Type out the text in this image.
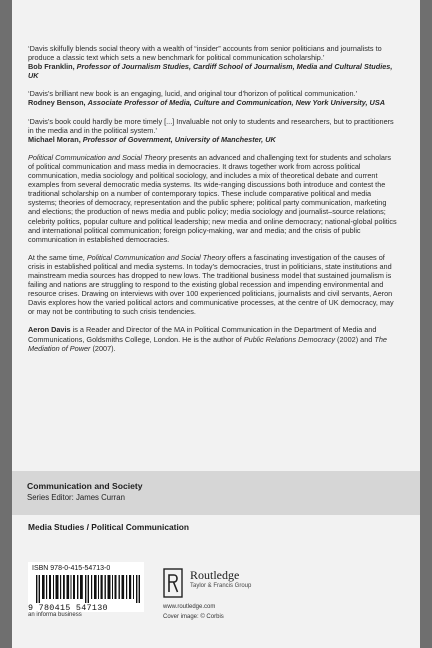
‘Davis skilfully blends social theory with a wealth of “insider” accounts from senior politicians and journalists to produce a classic text which sets a new benchmark for political communication scholarship.’
Bob Franklin, Professor of Journalism Studies, Cardiff School of Journalism, Media and Cultural Studies, UK
‘Davis’s brilliant new book is an engaging, lucid, and original tour d’horizon of political communication.’
Rodney Benson, Associate Professor of Media, Culture and Communication, New York University, USA
‘Davis’s book could hardly be more timely [...] Invaluable not only to students and researchers, but to practitioners in the media and in the political system.’
Michael Moran, Professor of Government, University of Manchester, UK

Political Communication and Social Theory presents an advanced and challenging text for students and scholars of political communication and mass media in democracies. It draws together work from across political communication, media sociology and political sociology, and includes a mix of theoretical debate and current examples from several democratic media systems. Its wide-ranging discussions both introduce and contest the traditional scholarship on a number of contemporary topics. These include comparative political and media systems; theories of democracy, representation and the public sphere; political party communication, marketing and elections; the production of news media and public policy; media sociology and journalist–source relations; celebrity politics, popular culture and political leadership; new media and online democracy; national-global politics and international political communication; foreign policy-making, war and media; and the crisis of public communication in established democracies.

At the same time, Political Communication and Social Theory offers a fascinating investigation of the causes of crisis in established political and media systems. In today’s democracies, trust in politicians, state institutions and mainstream media sources has dropped to new lows. The traditional business model that sustained journalism is failing and nations are struggling to respond to the existing global recession and impending environmental and resource crises. Drawing on interviews with over 100 experienced politicians, journalists and civil servants, Aeron Davis explores how the varied political actors and communicative processes, at the centre of UK democracy, may or may not be contributing to such crisis tendencies.

Aeron Davis is a Reader and Director of the MA in Political Communication in the Department of Media and Communications, Goldsmiths College, London. He is the author of Public Relations Democracy (2002) and The Mediation of Power (2007).

Communication and Society
Series Editor: James Curran
Media Studies / Political Communication
ISBN 978-0-415-54713-0
9 780415 547130
an informa business
Routledge
Taylor & Francis Group
www.routledge.com
Cover image: © Corbis
